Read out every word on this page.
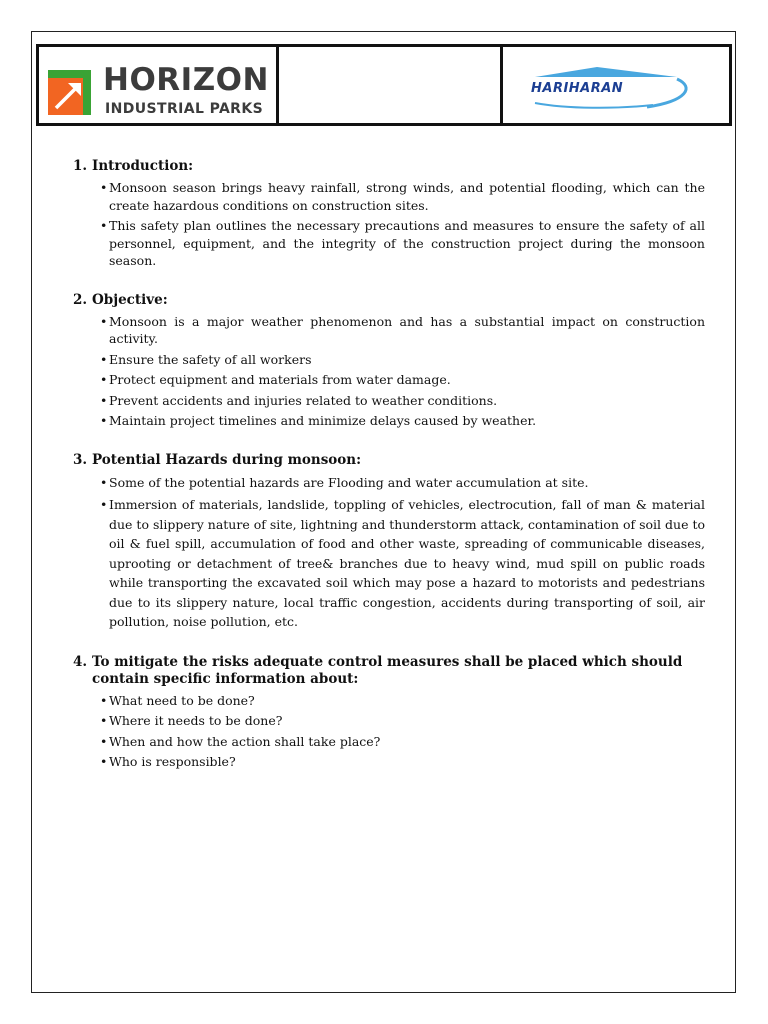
HORIZON
INDUSTRIAL PARKS
HARIHARAN
1. Introduction:
• Monsoon season brings heavy rainfall, strong winds, and potential flooding, which can the create hazardous conditions on construction sites.
• This safety plan outlines the necessary precautions and measures to ensure the safety of all personnel, equipment, and the integrity of the construction project during the monsoon season.
2. Objective:
• Monsoon is a major weather phenomenon and has a substantial impact on construction activity.
• Ensure the safety of all workers
• Protect equipment and materials from water damage.
• Prevent accidents and injuries related to weather conditions.
• Maintain project timelines and minimize delays caused by weather.
3. Potential Hazards during monsoon:
• Some of the potential hazards are Flooding and water accumulation at site.
• Immersion of materials, landslide, toppling of vehicles, electrocution, fall of man & material due to slippery nature of site, lightning and thunderstorm attack, contamination of soil due to oil & fuel spill, accumulation of food and other waste, spreading of communicable diseases, uprooting or detachment of tree& branches due to heavy wind, mud spill on public roads while transporting the excavated soil which may pose a hazard to motorists and pedestrians due to its slippery nature, local traffic congestion, accidents during transporting of soil, air pollution, noise pollution, etc.
4. To mitigate the risks adequate control measures shall be placed which should contain specific information about:
• What need to be done?
• Where it needs to be done?
• When and how the action shall take place?
• Who is responsible?
